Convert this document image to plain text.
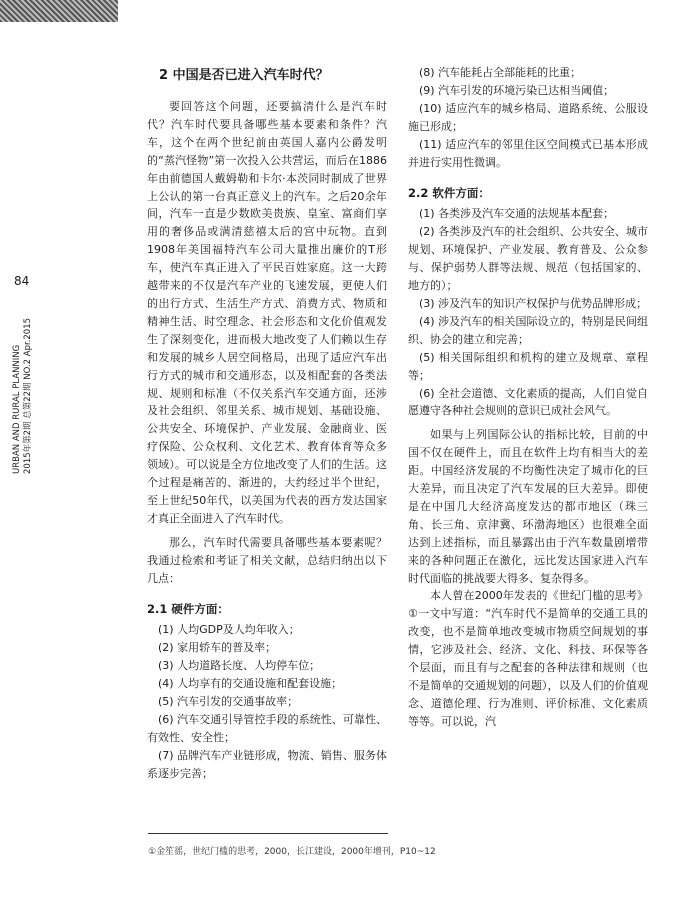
84
URBAN AND RURAL PLANNING 2015年第2期 总第22期 NO.2 Apr.2015
2 中国是否已进入汽车时代？

要回答这个问题，还要搞清什么是汽车时代？汽车时代要具备哪些基本要素和条件？汽车，这个在两个世纪前由英国人嘉内公爵发明的“蒸汽怪物”第一次投入公共营运，而后在1886年由前德国人戴姆勒和卡尔·本茨同时制成了世界上公认的第一台真正意义上的汽车。之后20余年间，汽车一直是少数欧美贵族、皇室、富商们享用的奢侈品或满清慈禧太后的宫中玩物。直到1908年美国福特汽车公司大量推出廉价的T形车，使汽车真正进入了平民百姓家庭。这一大跨越带来的不仅是汽车产业的飞速发展，更使人们的出行方式、生活生产方式、消费方式、物质和精神生活、时空理念、社会形态和文化价值观发生了深刻变化，进而极大地改变了人们赖以生存和发展的城乡人居空间格局，出现了适应汽车出行方式的城市和交通形态，以及相配套的各类法规、规则和标准（不仅关系汽车交通方面，还涉及社会组织、邻里关系、城市规划、基础设施、公共安全、环境保护、产业发展、金融商业、医疗保险、公众权利、文化艺术、教育体育等众多领域）。可以说是全方位地改变了人们的生活。这个过程是痛苦的、渐进的，大约经过半个世纪，至上世纪50年代，以美国为代表的西方发达国家才真正全面进入了汽车时代。

那么，汽车时代需要具备哪些基本要素呢？我通过检索和考证了相关文献，总结归纳出以下几点：

2.1 硬件方面：

(1) 人均GDP及人均年收入；

(2) 家用轿车的普及率；

(3) 人均道路长度、人均停车位；

(4) 人均享有的交通设施和配套设施；

(5) 汽车引发的交通事故率；

(6) 汽车交通引导管控手段的系统性、可靠性、有效性、安全性；

(7) 品牌汽车产业链形成，物流、销售、服务体系逐步完善；

(8) 汽车能耗占全部能耗的比重；

(9) 汽车引发的环境污染已达相当阈值；

(10) 适应汽车的城乡格局、道路系统、公服设施已形成；

(11) 适应汽车的邻里住区空间模式已基本形成并进行实用性微调。

2.2 软件方面：

(1) 各类涉及汽车交通的法规基本配套；

(2) 各类涉及汽车的社会组织、公共安全、城市规划、环境保护、产业发展、教育普及、公众参与、保护弱势人群等法规、规范（包括国家的、地方的）；

(3) 涉及汽车的知识产权保护与优势品牌形成；

(4) 涉及汽车的相关国际设立的，特别是民间组织、协会的建立和完善；

(5) 相关国际组织和机构的建立及规章、章程等；

(6) 全社会道德、文化素质的提高，人们自觉自愿遵守各种社会规则的意识已成社会风气。

如果与上列国际公认的指标比较，目前的中国不仅在硬件上，而且在软件上均有相当大的差距。中国经济发展的不均衡性决定了城市化的巨大差异，而且决定了汽车发展的巨大差异。即使是在中国几大经济高度发达的都市地区（珠三角、长三角、京津冀、环渤海地区）也很难全面达到上述指标，而且暴露出由于汽车数量剧增带来的各种问题正在激化，远比发达国家进入汽车时代面临的挑战要大得多、复杂得多。

本人曾在2000年发表的《世纪门槛的思考》①一文中写道：“汽车时代不是简单的交通工具的改变，也不是简单地改变城市物质空间规划的事情，它涉及社会、经济、文化、科技、环保等各个层面，而且有与之配套的各种法律和规则（也不是简单的交通规划的问题），以及人们的价值观念、道德伦理、行为准则、评价标准、文化素质等等。可以说，汽

①金笙徭，世纪门槛的思考，2000，长江建设，2000年增刊，P10~12
